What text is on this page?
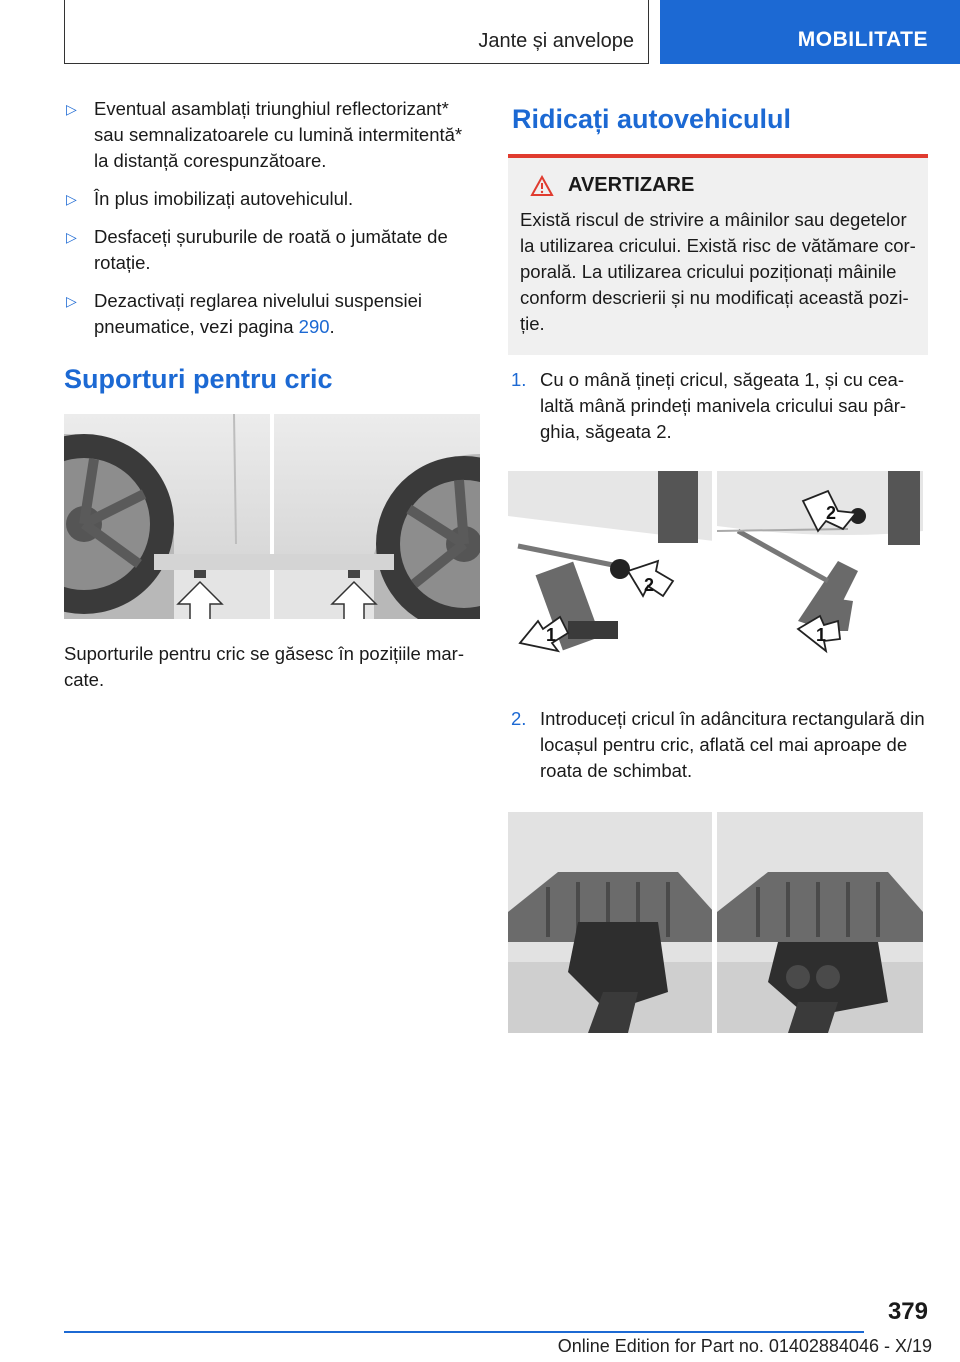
Jante și anvelope	MOBILITATE
▷ Eventual asamblați triunghiul reflectorizant* sau semnalizatoarele cu lumină intermitentă* la distanță corespunzătoare.
▷ În plus imobilizați autovehiculul.
▷ Desfaceți șuruburile de roată o jumătate de rotație.
▷ Dezactivați reglarea nivelului suspensiei pneumatice, vezi pagina 290.
Suporturi pentru cric

Suporturile pentru cric se găsesc în pozițiile marcate.

Ridicați autovehiculul
AVERTIZARE
Există riscul de strivire a mâinilor sau degetelor la utilizarea cricului. Există risc de vătămare corporală. La utilizarea cricului poziționați mâinile conform descrierii și nu modificați această poziție.
1. Cu o mână țineți cricul, săgeata 1, și cu cealaltă mână prindeți manivela cricului sau pârghia, săgeata 2.
1
2
2
1
2. Introduceți cricul în adâncitura rectangulară din locașul pentru cric, aflată cel mai aproape de roata de schimbat.
379
Online Edition for Part no. 01402884046 - X/19
